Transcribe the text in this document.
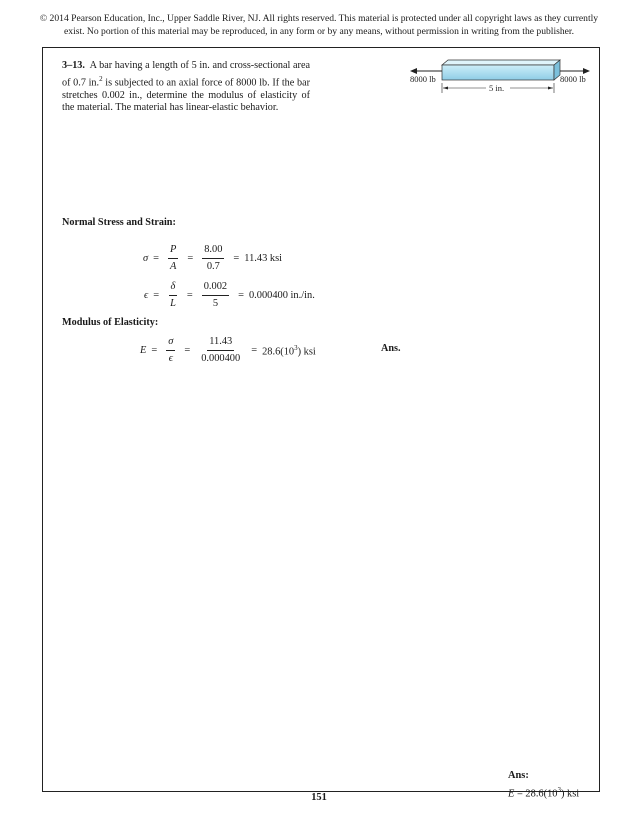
© 2014 Pearson Education, Inc., Upper Saddle River, NJ. All rights reserved. This material is protected under all copyright laws as they currently
exist. No portion of this material may be reproduced, in any form or by any means, without permission in writing from the publisher.
3–13. A bar having a length of 5 in. and cross-sectional area of 0.7 in.$^2$ is subjected to an axial force of 8000 lb. If the bar stretches 0.002 in., determine the modulus of elasticity of the material. The material has linear-elastic behavior.
8000 lb	8000 lb
5 in.
Normal Stress and Strain:
$\sigma = \frac{P}{A} = \frac{8.00}{0.7} = 11.43$ ksi
$\epsilon = \frac{\delta}{L} = \frac{0.002}{5} = 0.000400$ in./in.
Modulus of Elasticity:
$E = \frac{\sigma}{\epsilon} = \frac{11.43}{0.000400} = 28.6(10^3)$ ksi	Ans.
Ans:
$E = 28.6(10^3)$ ksi
151
